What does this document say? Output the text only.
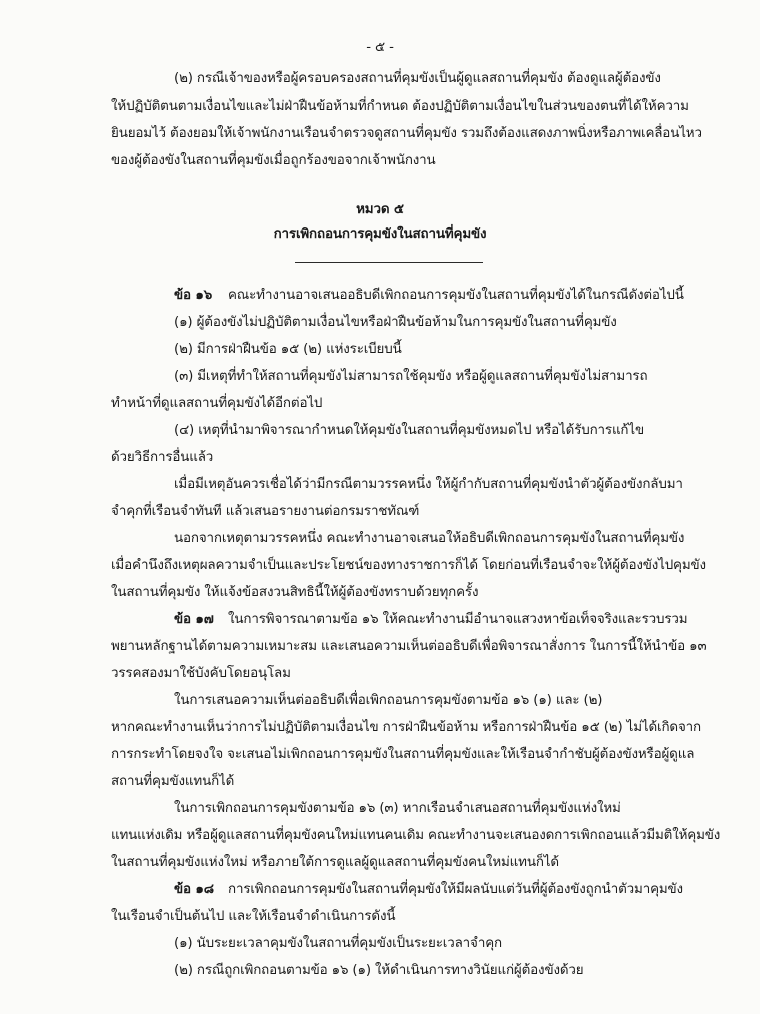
- ๕ -
(๒) กรณีเจ้าของหรือผู้ครอบครองสถานที่คุมขังเป็นผู้ดูแลสถานที่คุมขัง ต้องดูแลผู้ต้องขัง
ให้ปฏิบัติตนตามเงื่อนไขและไม่ฝ่าฝืนข้อห้ามที่กำหนด ต้องปฏิบัติตามเงื่อนไขในส่วนของตนที่ได้ให้ความ
ยินยอมไว้ ต้องยอมให้เจ้าพนักงานเรือนจำตรวจดูสถานที่คุมขัง รวมถึงต้องแสดงภาพนิ่งหรือภาพเคลื่อนไหว
ของผู้ต้องขังในสถานที่คุมขังเมื่อถูกร้องขอจากเจ้าพนักงาน
หมวด ๕
การเพิกถอนการคุมขังในสถานที่คุมขัง
ข้อ ๑๖ คณะทำงานอาจเสนออธิบดีเพิกถอนการคุมขังในสถานที่คุมขังได้ในกรณีดังต่อไปนี้
(๑) ผู้ต้องขังไม่ปฏิบัติตามเงื่อนไขหรือฝ่าฝืนข้อห้ามในการคุมขังในสถานที่คุมขัง
(๒) มีการฝ่าฝืนข้อ ๑๕ (๒) แห่งระเบียบนี้
(๓) มีเหตุที่ทำให้สถานที่คุมขังไม่สามารถใช้คุมขัง หรือผู้ดูแลสถานที่คุมขังไม่สามารถ
ทำหน้าที่ดูแลสถานที่คุมขังได้อีกต่อไป
(๔) เหตุที่นำมาพิจารณากำหนดให้คุมขังในสถานที่คุมขังหมดไป หรือได้รับการแก้ไข
ด้วยวิธีการอื่นแล้ว
เมื่อมีเหตุอันควรเชื่อได้ว่ามีกรณีตามวรรคหนึ่ง ให้ผู้กำกับสถานที่คุมขังนำตัวผู้ต้องขังกลับมา
จำคุกที่เรือนจำทันที แล้วเสนอรายงานต่อกรมราชทัณฑ์
นอกจากเหตุตามวรรคหนึ่ง คณะทำงานอาจเสนอให้อธิบดีเพิกถอนการคุมขังในสถานที่คุมขัง
เมื่อคำนึงถึงเหตุผลความจำเป็นและประโยชน์ของทางราชการก็ได้ โดยก่อนที่เรือนจำจะให้ผู้ต้องขังไปคุมขัง
ในสถานที่คุมขัง ให้แจ้งข้อสงวนสิทธินี้ให้ผู้ต้องขังทราบด้วยทุกครั้ง
ข้อ ๑๗ ในการพิจารณาตามข้อ ๑๖ ให้คณะทำงานมีอำนาจแสวงหาข้อเท็จจริงและรวบรวม
พยานหลักฐานได้ตามความเหมาะสม และเสนอความเห็นต่ออธิบดีเพื่อพิจารณาสั่งการ ในการนี้ให้นำข้อ ๑๓
วรรคสองมาใช้บังคับโดยอนุโลม
ในการเสนอความเห็นต่ออธิบดีเพื่อเพิกถอนการคุมขังตามข้อ ๑๖ (๑) และ (๒)
หากคณะทำงานเห็นว่าการไม่ปฏิบัติตามเงื่อนไข การฝ่าฝืนข้อห้าม หรือการฝ่าฝืนข้อ ๑๕ (๒) ไม่ได้เกิดจาก
การกระทำโดยจงใจ จะเสนอไม่เพิกถอนการคุมขังในสถานที่คุมขังและให้เรือนจำกำชับผู้ต้องขังหรือผู้ดูแล
สถานที่คุมขังแทนก็ได้
ในการเพิกถอนการคุมขังตามข้อ ๑๖ (๓) หากเรือนจำเสนอสถานที่คุมขังแห่งใหม่
แทนแห่งเดิม หรือผู้ดูแลสถานที่คุมขังคนใหม่แทนคนเดิม คณะทำงานจะเสนองดการเพิกถอนแล้วมีมติให้คุมขัง
ในสถานที่คุมขังแห่งใหม่ หรือภายใต้การดูแลผู้ดูแลสถานที่คุมขังคนใหม่แทนก็ได้
ข้อ ๑๘ การเพิกถอนการคุมขังในสถานที่คุมขังให้มีผลนับแต่วันที่ผู้ต้องขังถูกนำตัวมาคุมขัง
ในเรือนจำเป็นต้นไป และให้เรือนจำดำเนินการดังนี้
(๑) นับระยะเวลาคุมขังในสถานที่คุมขังเป็นระยะเวลาจำคุก
(๒) กรณีถูกเพิกถอนตามข้อ ๑๖ (๑) ให้ดำเนินการทางวินัยแก่ผู้ต้องขังด้วย
